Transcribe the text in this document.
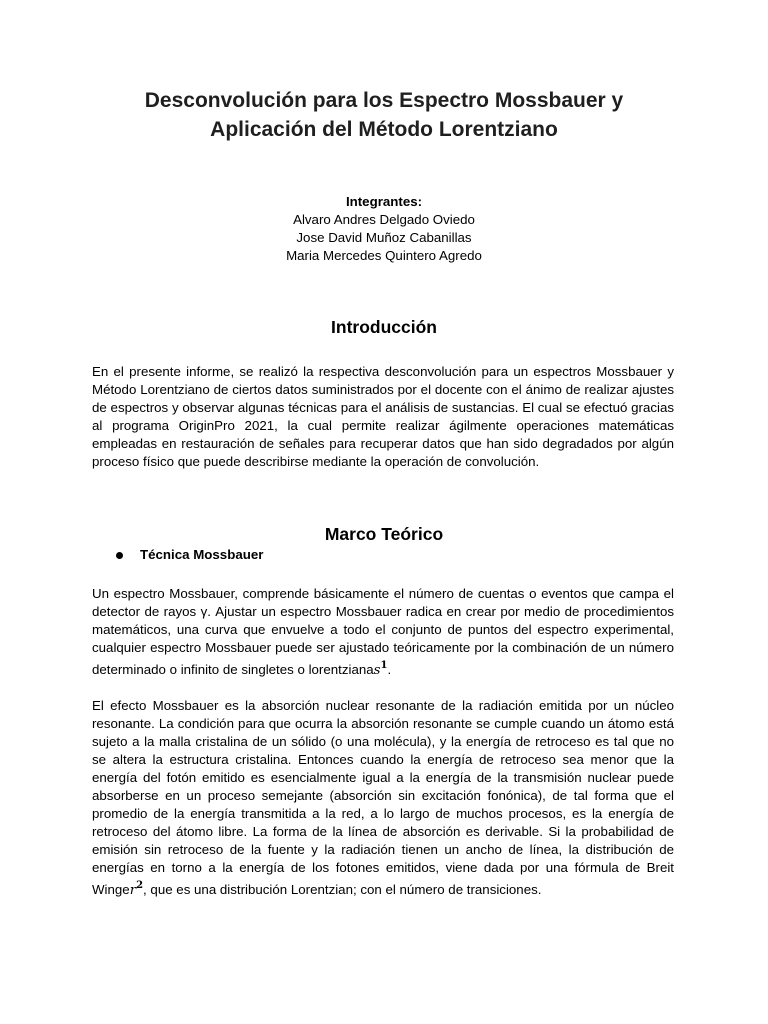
Desconvolución para los Espectro Mossbauer y
Aplicación del Método Lorentziano
Integrantes:
Alvaro Andres Delgado Oviedo
Jose David Muñoz Cabanillas
Maria Mercedes Quintero Agredo
Introducción
En el presente informe, se realizó la respectiva desconvolución para un espectros Mossbauer y Método Lorentziano de ciertos datos suministrados por el docente con el ánimo de realizar ajustes de espectros y observar algunas técnicas para el análisis de sustancias. El cual se efectuó gracias al programa OriginPro 2021, la cual permite realizar ágilmente operaciones matemáticas empleadas en restauración de señales para recuperar datos que han sido degradados por algún proceso físico que puede describirse mediante la operación de convolución.
Marco Teórico
Técnica Mossbauer
Un espectro Mossbauer, comprende básicamente el número de cuentas o eventos que campa el detector de rayos γ. Ajustar un espectro Mossbauer radica en crear por medio de procedimientos matemáticos, una curva que envuelve a todo el conjunto de puntos del espectro experimental, cualquier espectro Mossbauer puede ser ajustado teóricamente por la combinación de un número determinado o infinito de singletes o lorentzianas$^1$.
El efecto Mossbauer es la absorción nuclear resonante de la radiación emitida por un núcleo resonante. La condición para que ocurra la absorción resonante se cumple cuando un átomo está sujeto a la malla cristalina de un sólido (o una molécula), y la energía de retroceso es tal que no se altera la estructura cristalina. Entonces cuando la energía de retroceso sea menor que la energía del fotón emitido es esencialmente igual a la energía de la transmisión nuclear puede absorberse en un proceso semejante (absorción sin excitación fonónica), de tal forma que el promedio de la energía transmitida a la red, a lo largo de muchos procesos, es la energía de retroceso del átomo libre. La forma de la línea de absorción es derivable. Si la probabilidad de emisión sin retroceso de la fuente y la radiación tienen un ancho de línea, la distribución de energías en torno a la energía de los fotones emitidos, viene dada por una fórmula de Breit Winger$^2$, que es una distribución Lorentzian; con el número de transiciones.
